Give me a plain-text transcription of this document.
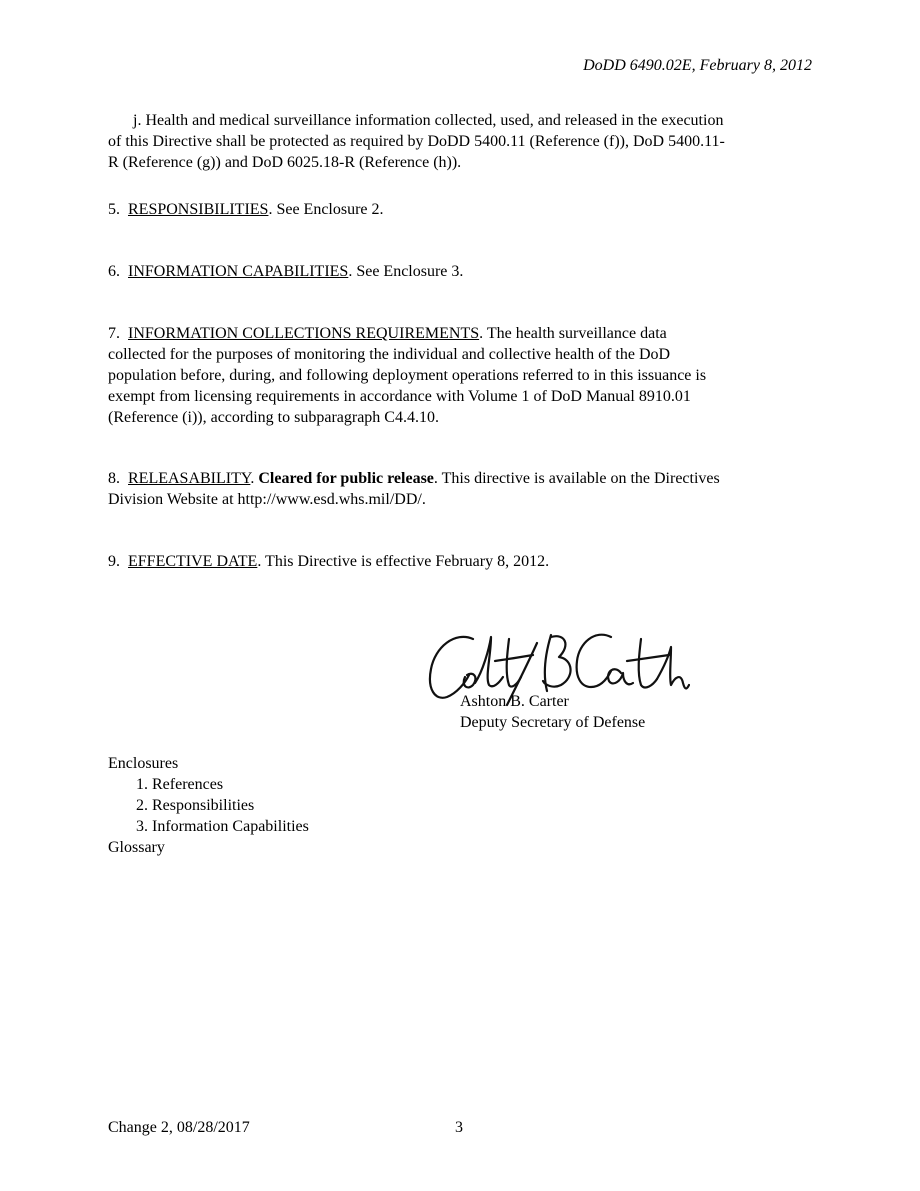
DoDD 6490.02E, February 8, 2012
j. Health and medical surveillance information collected, used, and released in the execution
of this Directive shall be protected as required by DoDD 5400.11 (Reference (f)), DoD 5400.11-
R (Reference (g)) and DoD 6025.18-R (Reference (h)).
5. RESPONSIBILITIES. See Enclosure 2.
6. INFORMATION CAPABILITIES. See Enclosure 3.
7. INFORMATION COLLECTIONS REQUIREMENTS. The health surveillance data
collected for the purposes of monitoring the individual and collective health of the DoD
population before, during, and following deployment operations referred to in this issuance is
exempt from licensing requirements in accordance with Volume 1 of DoD Manual 8910.01
(Reference (i)), according to subparagraph C4.4.10.
8. RELEASABILITY. Cleared for public release. This directive is available on the Directives
Division Website at http://www.esd.whs.mil/DD/.
9. EFFECTIVE DATE. This Directive is effective February 8, 2012.
Ashton B. Carter
Deputy Secretary of Defense
Enclosures
1. References
2. Responsibilities
3. Information Capabilities
Glossary
Change 2, 08/28/2017	3
